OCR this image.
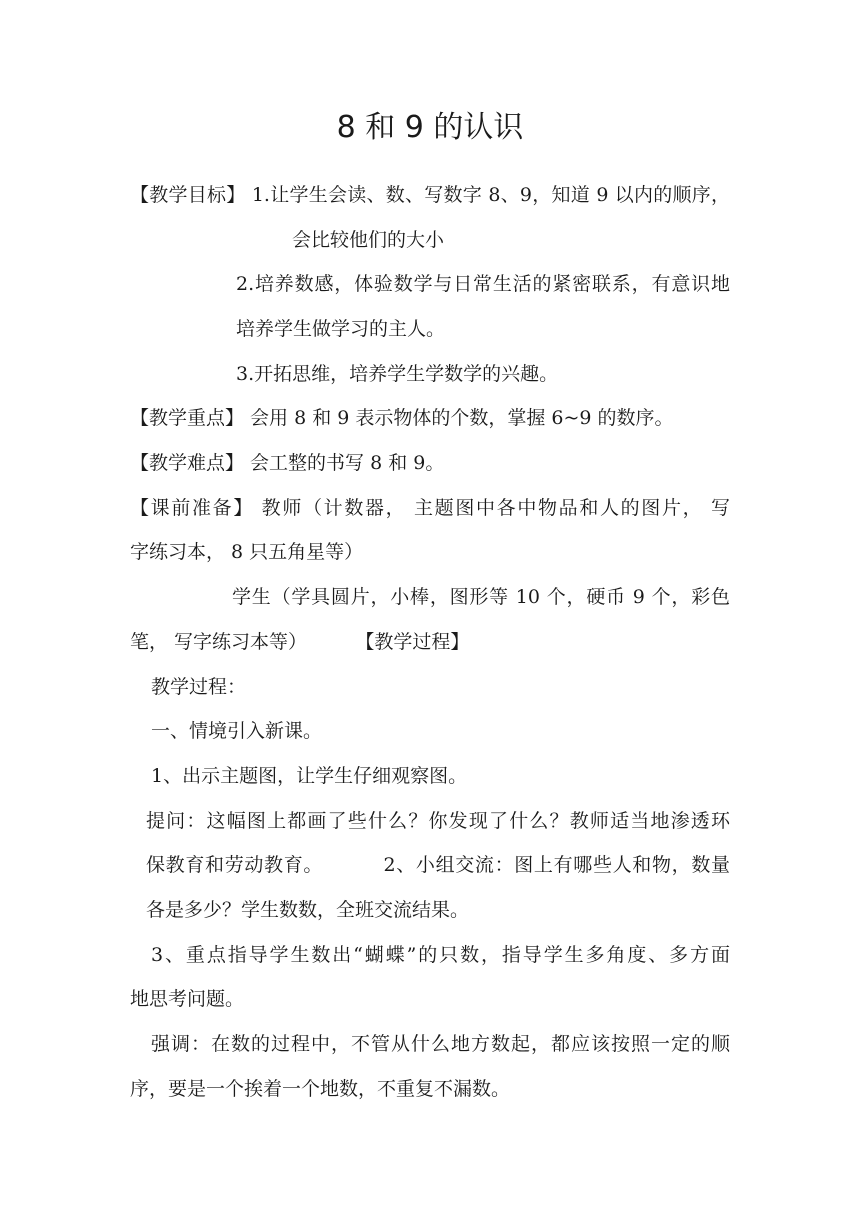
8 和 9 的认识
【教学目标】 1.让学生会读、数、写数字 8、9，知道 9 以内的顺序，
会比较他们的大小
2.培养数感，体验数学与日常生活的紧密联系，有意识地
培养学生做学习的主人。
3.开拓思维，培养学生学数学的兴趣。
【教学重点】 会用 8 和 9 表示物体的个数，掌握 6~9 的数序。
【教学难点】 会工整的书写 8 和 9。
【课前准备】 教师（计数器， 主题图中各中物品和人的图片， 写
字练习本， 8 只五角星等）
学生（学具圆片，小棒，图形等 10 个，硬币 9 个，彩色
笔， 写字练习本等）        【教学过程】
教学过程：
一、情境引入新课。
1、出示主题图，让学生仔细观察图。
提问：这幅图上都画了些什么？你发现了什么？教师适当地渗透环
保教育和劳动教育。         2、小组交流：图上有哪些人和物，数量
各是多少？学生数数，全班交流结果。
3、重点指导学生数出“蝴蝶”的只数，指导学生多角度、多方面
地思考问题。
强调：在数的过程中，不管从什么地方数起，都应该按照一定的顺
序，要是一个挨着一个地数，不重复不漏数。
